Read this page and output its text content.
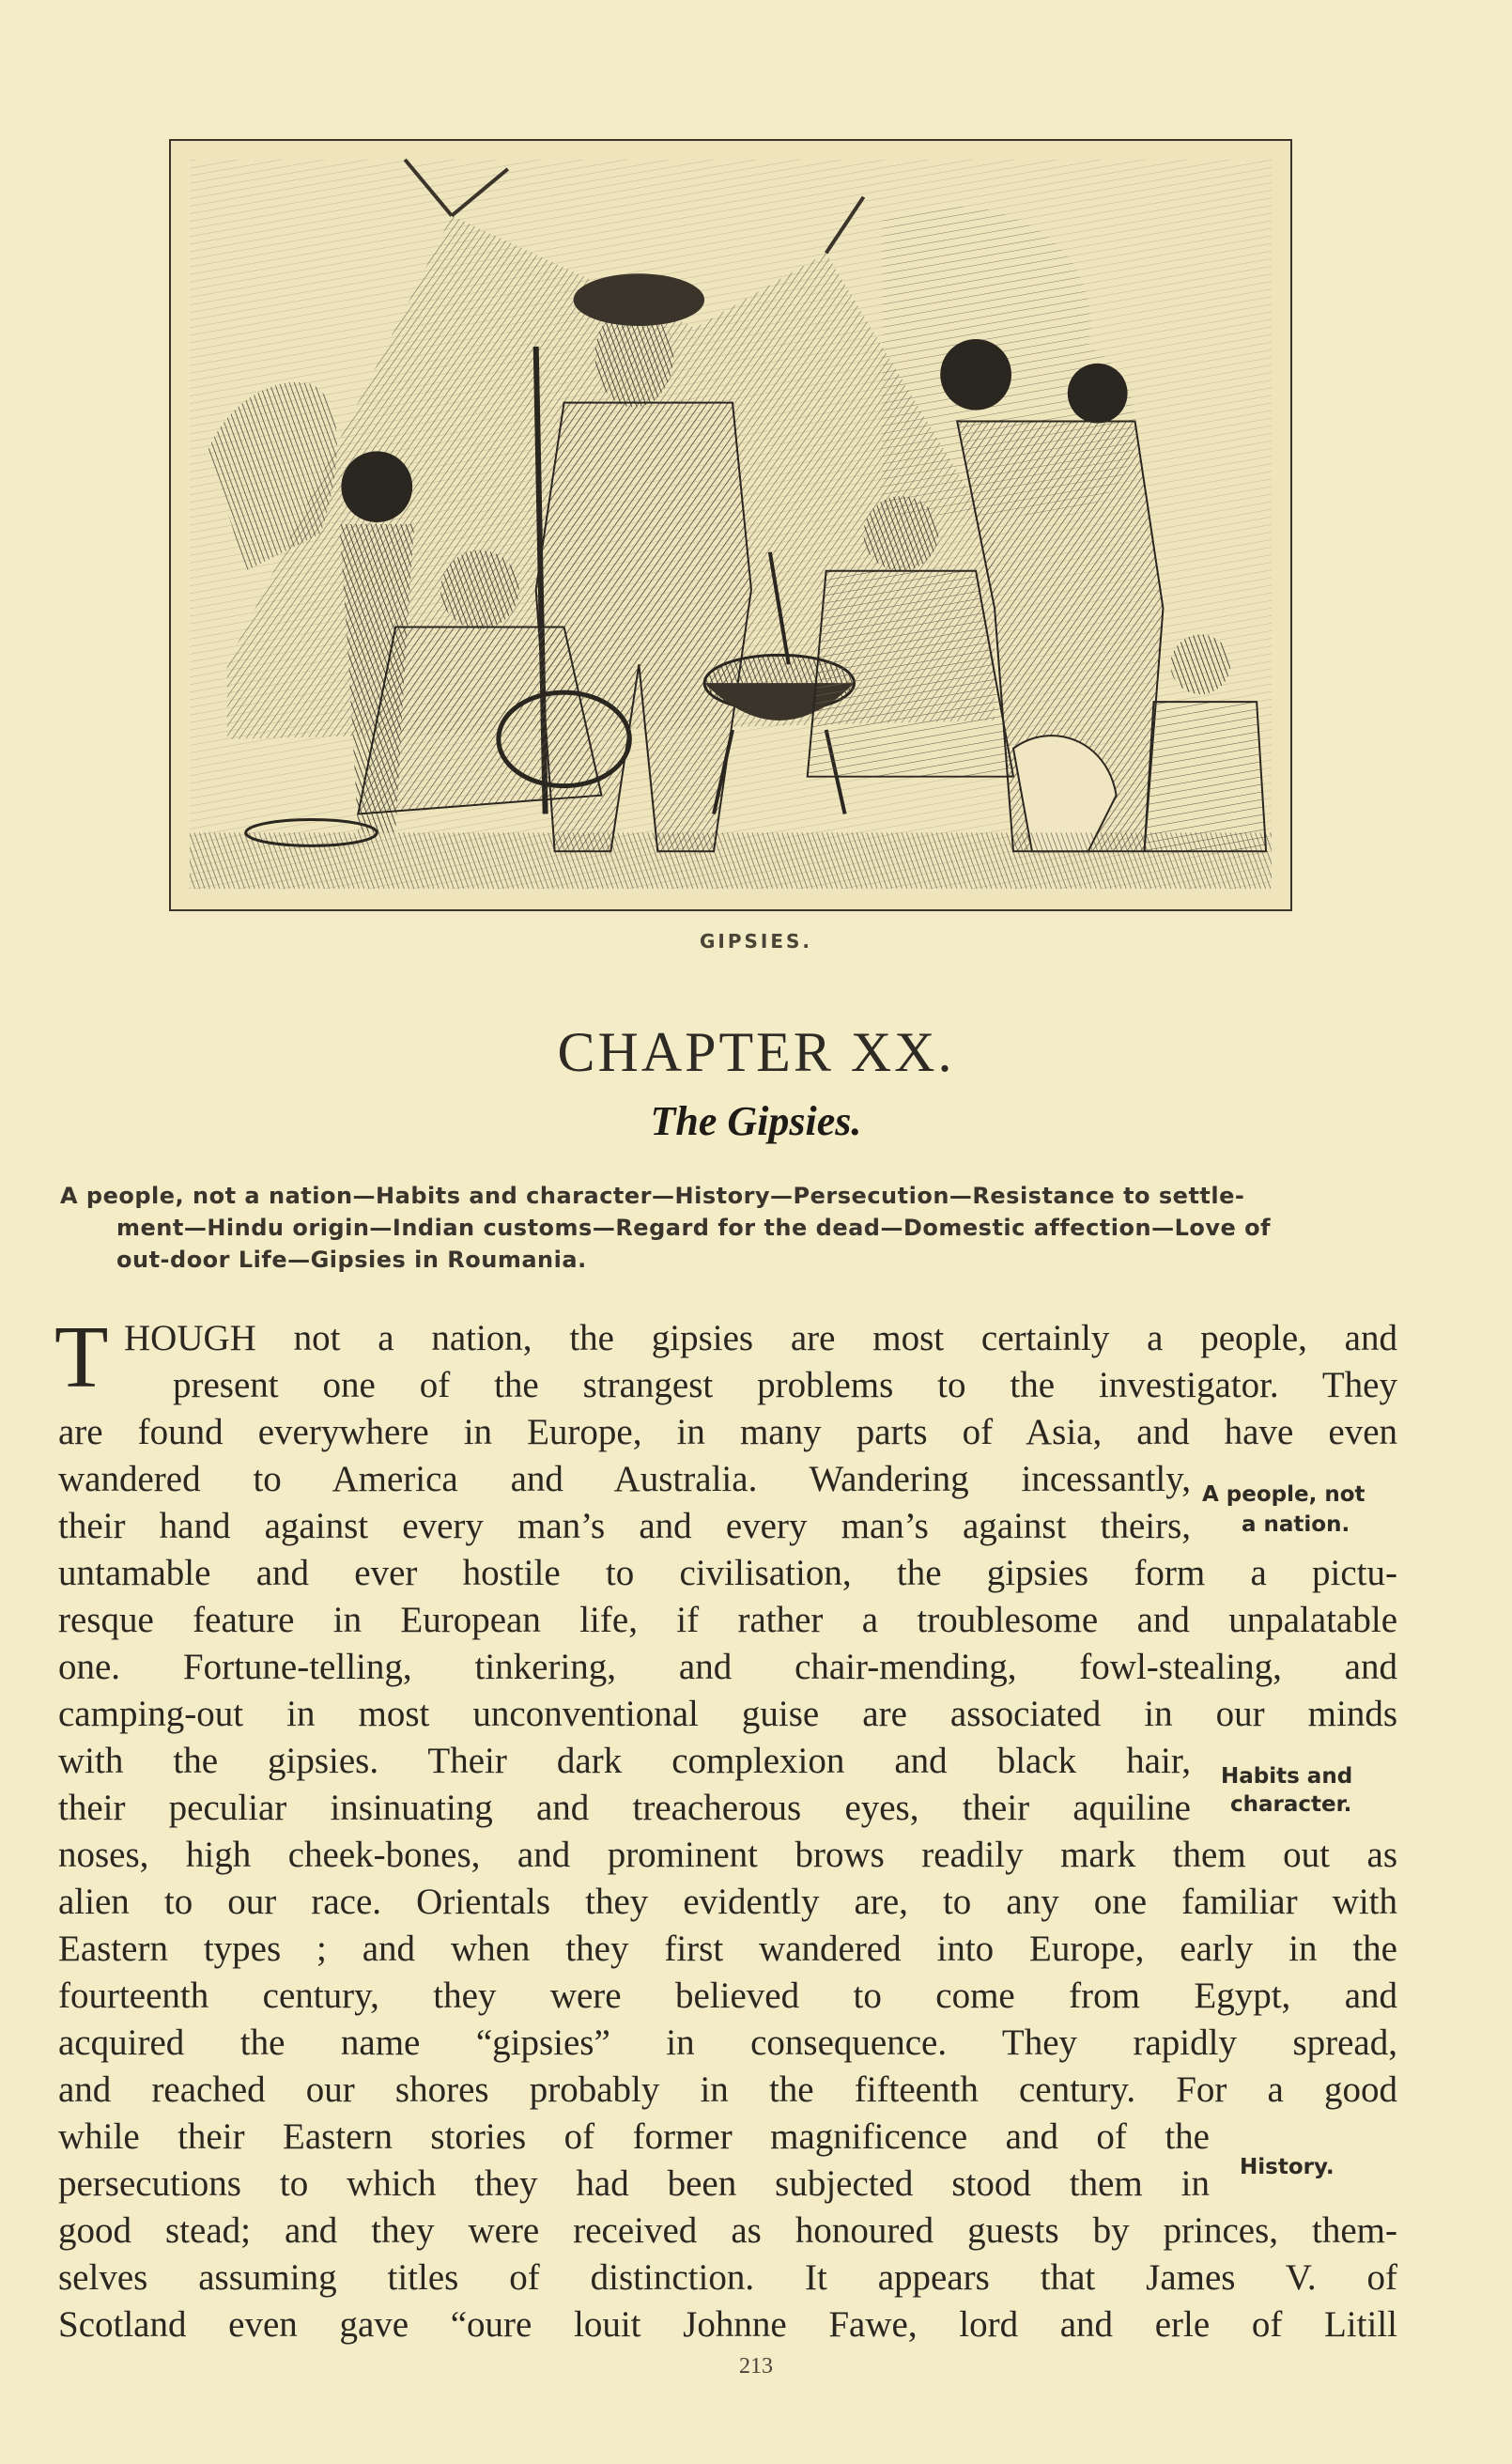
GIPSIES.
CHAPTER XX.
The Gipsies.
A people, not a nation—Habits and character—History—Persecution—Resistance to settle-
ment—Hindu origin—Indian customs—Regard for the dead—Domestic affection—Love of
out-door Life—Gipsies in Roumania.
T HOUGH not a nation, the gipsies are most certainly a people, and
present one of the strangest problems to the investigator. They
are found everywhere in Europe, in many parts of Asia, and have even
wandered to America and Australia. Wandering incessantly,
their hand against every man’s and every man’s against theirs,
untamable and ever hostile to civilisation, the gipsies form a pictu-
resque feature in European life, if rather a troublesome and unpalatable
one. Fortune-telling, tinkering, and chair-mending, fowl-stealing, and
camping-out in most unconventional guise are associated in our minds
with the gipsies. Their dark complexion and black hair,
their peculiar insinuating and treacherous eyes, their aquiline
noses, high cheek-bones, and prominent brows readily mark them out as
alien to our race. Orientals they evidently are, to any one familiar with
Eastern types ; and when they first wandered into Europe, early in the
fourteenth century, they were believed to come from Egypt, and
acquired the name “gipsies” in consequence. They rapidly spread,
and reached our shores probably in the fifteenth century. For a good
while their Eastern stories of former magnificence and of the
persecutions to which they had been subjected stood them in
good stead; and they were received as honoured guests by princes, them-
selves assuming titles of distinction. It appears that James V. of
Scotland even gave “oure louit Johnne Fawe, lord and erle of Litill
A people, not
a nation.
Habits and
character.
History.
213
